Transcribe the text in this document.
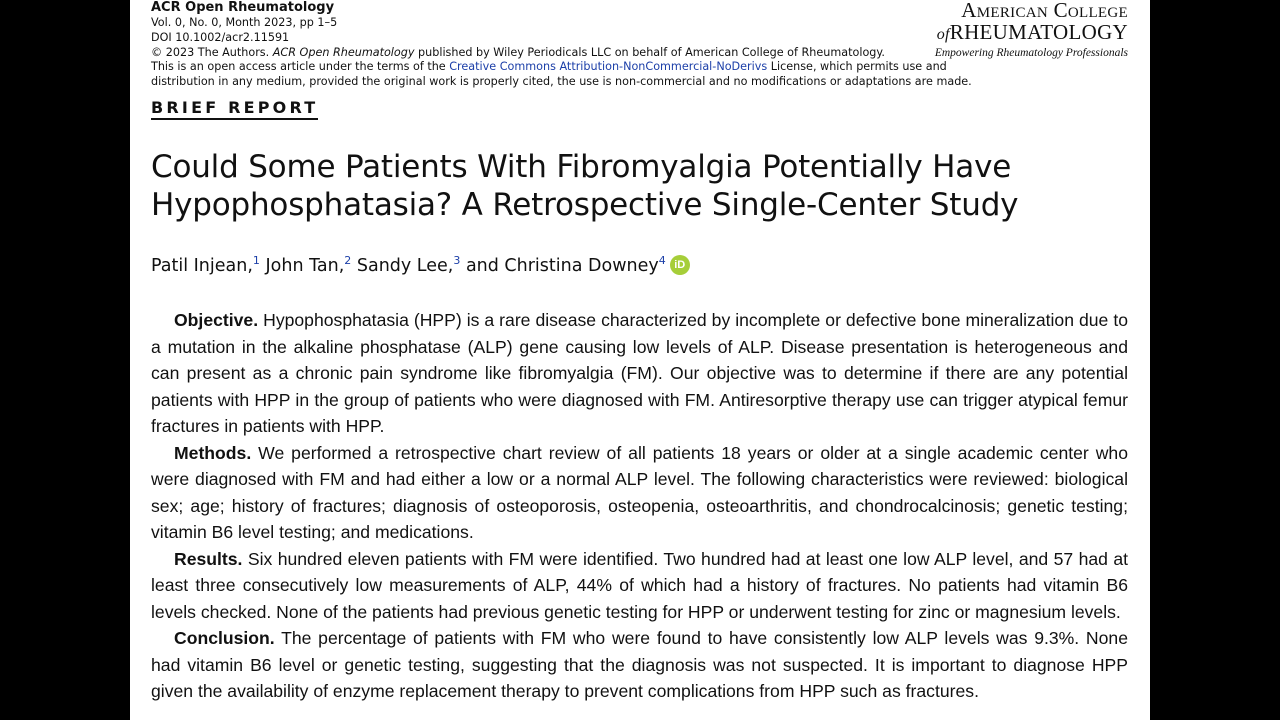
ACR Open Rheumatology
Vol. 0, No. 0, Month 2023, pp 1–5
DOI 10.1002/acr2.11591
© 2023 The Authors. ACR Open Rheumatology published by Wiley Periodicals LLC on behalf of American College of Rheumatology.
This is an open access article under the terms of the Creative Commons Attribution-NonCommercial-NoDerivs License, which permits use and
distribution in any medium, provided the original work is properly cited, the use is non-commercial and no modifications or adaptations are made.
American College
ofRHEUMATOLOGY
Empowering Rheumatology Professionals
BRIEF REPORT
Could Some Patients With Fibromyalgia Potentially Have
Hypophosphatasia? A Retrospective Single-Center Study
Patil Injean,$^1$ John Tan,$^2$ Sandy Lee,$^3$ and Christina Downey$^4$ iD

Objective. Hypophosphatasia (HPP) is a rare disease characterized by incomplete or defective bone mineralization due to a mutation in the alkaline phosphatase (ALP) gene causing low levels of ALP. Disease presentation is heterogeneous and can present as a chronic pain syndrome like fibromyalgia (FM). Our objective was to determine if there are any potential patients with HPP in the group of patients who were diagnosed with FM. Antiresorptive therapy use can trigger atypical femur fractures in patients with HPP.

Methods. We performed a retrospective chart review of all patients 18 years or older at a single academic center who were diagnosed with FM and had either a low or a normal ALP level. The following characteristics were reviewed: biological sex; age; history of fractures; diagnosis of osteoporosis, osteopenia, osteoarthritis, and chondrocalcinosis; genetic testing; vitamin B6 level testing; and medications.

Results. Six hundred eleven patients with FM were identified. Two hundred had at least one low ALP level, and 57 had at least three consecutively low measurements of ALP, 44% of which had a history of fractures. No patients had vitamin B6 levels checked. None of the patients had previous genetic testing for HPP or underwent testing for zinc or magnesium levels.

Conclusion. The percentage of patients with FM who were found to have consistently low ALP levels was 9.3%. None had vitamin B6 level or genetic testing, suggesting that the diagnosis was not suspected. It is important to diagnose HPP given the availability of enzyme replacement therapy to prevent complications from HPP such as fractures.
